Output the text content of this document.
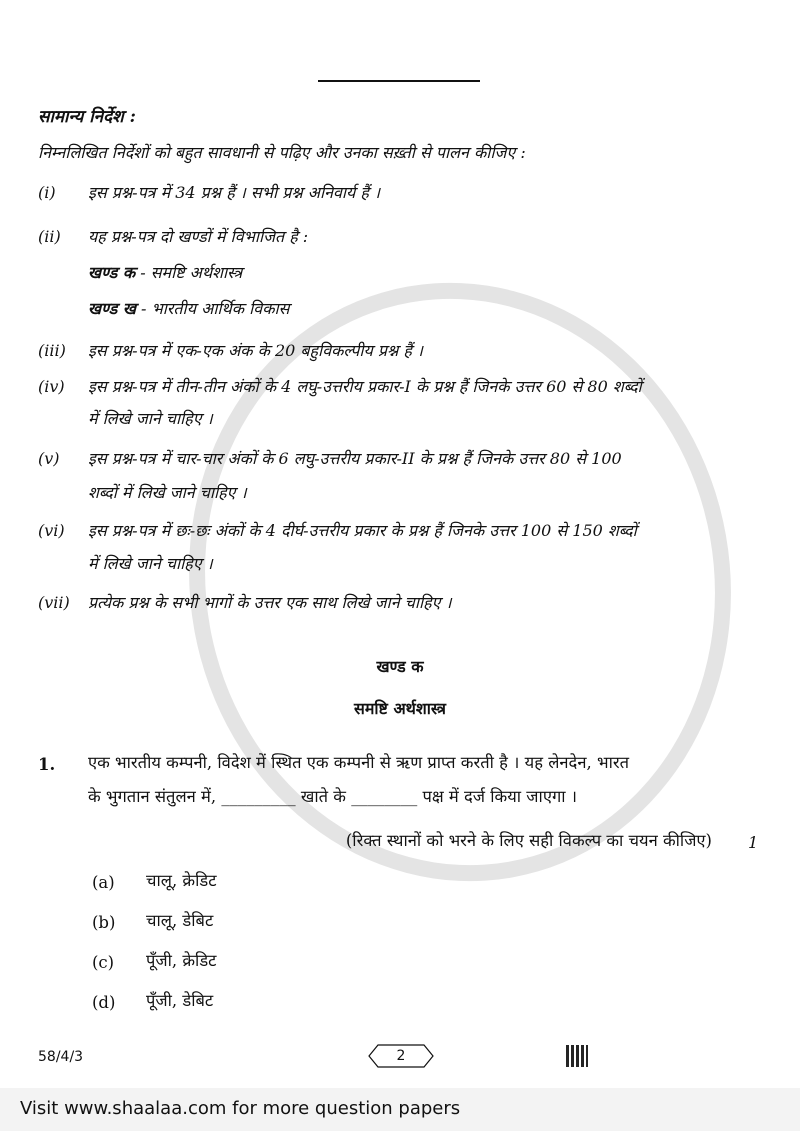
सामान्य निर्देश :
निम्नलिखित निर्देशों को बहुत सावधानी से पढ़िए और उनका सख़्ती से पालन कीजिए :
(i) इस प्रश्न-पत्र में 34 प्रश्न हैं । सभी प्रश्न अनिवार्य हैं ।
(ii) यह प्रश्न-पत्र दो खण्डों में विभाजित है :
खण्ड क - समष्टि अर्थशास्त्र
खण्ड ख - भारतीय आर्थिक विकास
(iii) इस प्रश्न-पत्र में एक-एक अंक के 20 बहुविकल्पीय प्रश्न हैं ।
(iv) इस प्रश्न-पत्र में तीन-तीन अंकों के 4 लघु-उत्तरीय प्रकार-I के प्रश्न हैं जिनके उत्तर 60 से 80 शब्दों
में लिखे जाने चाहिए ।
(v) इस प्रश्न-पत्र में चार-चार अंकों के 6 लघु-उत्तरीय प्रकार-II के प्रश्न हैं जिनके उत्तर 80 से 100
शब्दों में लिखे जाने चाहिए ।
(vi) इस प्रश्न-पत्र में छः-छः अंकों के 4 दीर्घ-उत्तरीय प्रकार के प्रश्न हैं जिनके उत्तर 100 से 150 शब्दों
में लिखे जाने चाहिए ।
(vii) प्रत्येक प्रश्न के सभी भागों के उत्तर एक साथ लिखे जाने चाहिए ।
खण्ड क
समष्टि अर्थशास्त्र
1. एक भारतीय कम्पनी, विदेश में स्थित एक कम्पनी से ऋण प्राप्त करती है । यह लेनदेन, भारत
के भुगतान संतुलन में, _________ खाते के ________ पक्ष में दर्ज किया जाएगा ।
(रिक्त स्थानों को भरने के लिए सही विकल्प का चयन कीजिए) 1
(a) चालू, क्रेडिट
(b) चालू, डेबिट
(c) पूँजी, क्रेडिट
(d) पूँजी, डेबिट
58/4/3	2
Visit www.shaalaa.com for more question papers
